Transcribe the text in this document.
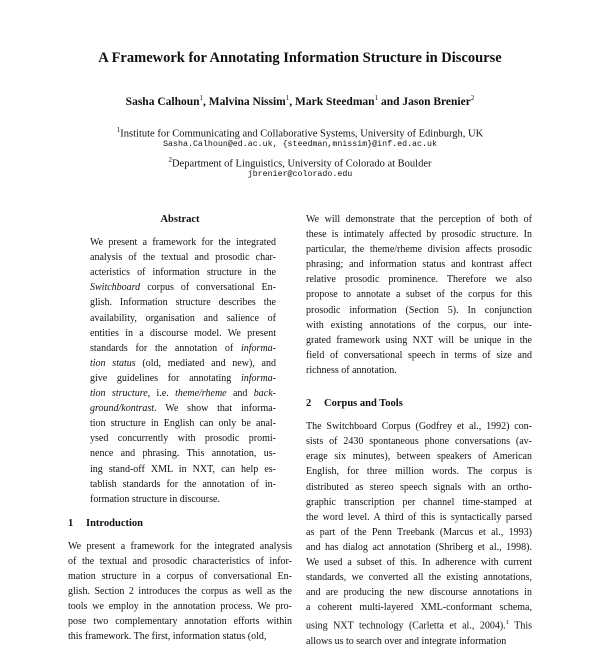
A Framework for Annotating Information Structure in Discourse
Sasha Calhoun$^1$, Malvina Nissim$^1$, Mark Steedman$^1$ and Jason Brenier$^2$
$^1$Institute for Communicating and Collaborative Systems, University of Edinburgh, UK
Sasha.Calhoun@ed.ac.uk, {steedman,mnissim}@inf.ed.ac.uk
$^2$Department of Linguistics, University of Colorado at Boulder
jbrenier@colorado.edu
Abstract
We present a framework for the integrated
analysis of the textual and prosodic char-
acteristics of information structure in the
Switchboard corpus of conversational En-
glish. Information structure describes the
availability, organisation and salience of
entities in a discourse model. We present
standards for the annotation of informa-
tion status (old, mediated and new), and
give guidelines for annotating informa-
tion structure, i.e. theme/rheme and back-
ground/kontrast. We show that informa-
tion structure in English can only be anal-
ysed concurrently with prosodic promi-
nence and phrasing. This annotation, us-
ing stand-off XML in NXT, can help es-
tablish standards for the annotation of in-
formation structure in discourse.
1 Introduction
We present a framework for the integrated analysis
of the textual and prosodic characteristics of infor-
mation structure in a corpus of conversational En-
glish. Section 2 introduces the corpus as well as the
tools we employ in the annotation process. We pro-
pose two complementary annotation efforts within
this framework. The first, information status (old,
We will demonstrate that the perception of both of
these is intimately affected by prosodic structure. In
particular, the theme/rheme division affects prosodic
phrasing; and information status and kontrast affect
relative prosodic prominence. Therefore we also
propose to annotate a subset of the corpus for this
prosodic information (Section 5). In conjunction
with existing annotations of the corpus, our inte-
grated framework using NXT will be unique in the
field of conversational speech in terms of size and
richness of annotation.
2 Corpus and Tools
The Switchboard Corpus (Godfrey et al., 1992) con-
sists of 2430 spontaneous phone conversations (av-
erage six minutes), between speakers of American
English, for three million words. The corpus is
distributed as stereo speech signals with an ortho-
graphic transcription per channel time-stamped at
the word level. A third of this is syntactically parsed
as part of the Penn Treebank (Marcus et al., 1993)
and has dialog act annotation (Shriberg et al., 1998).
We used a subset of this. In adherence with current
standards, we converted all the existing annotations,
and are producing the new discourse annotations in
a coherent multi-layered XML-conformant schema,
using NXT technology (Carletta et al., 2004).$^1$ This
allows us to search over and integrate information
